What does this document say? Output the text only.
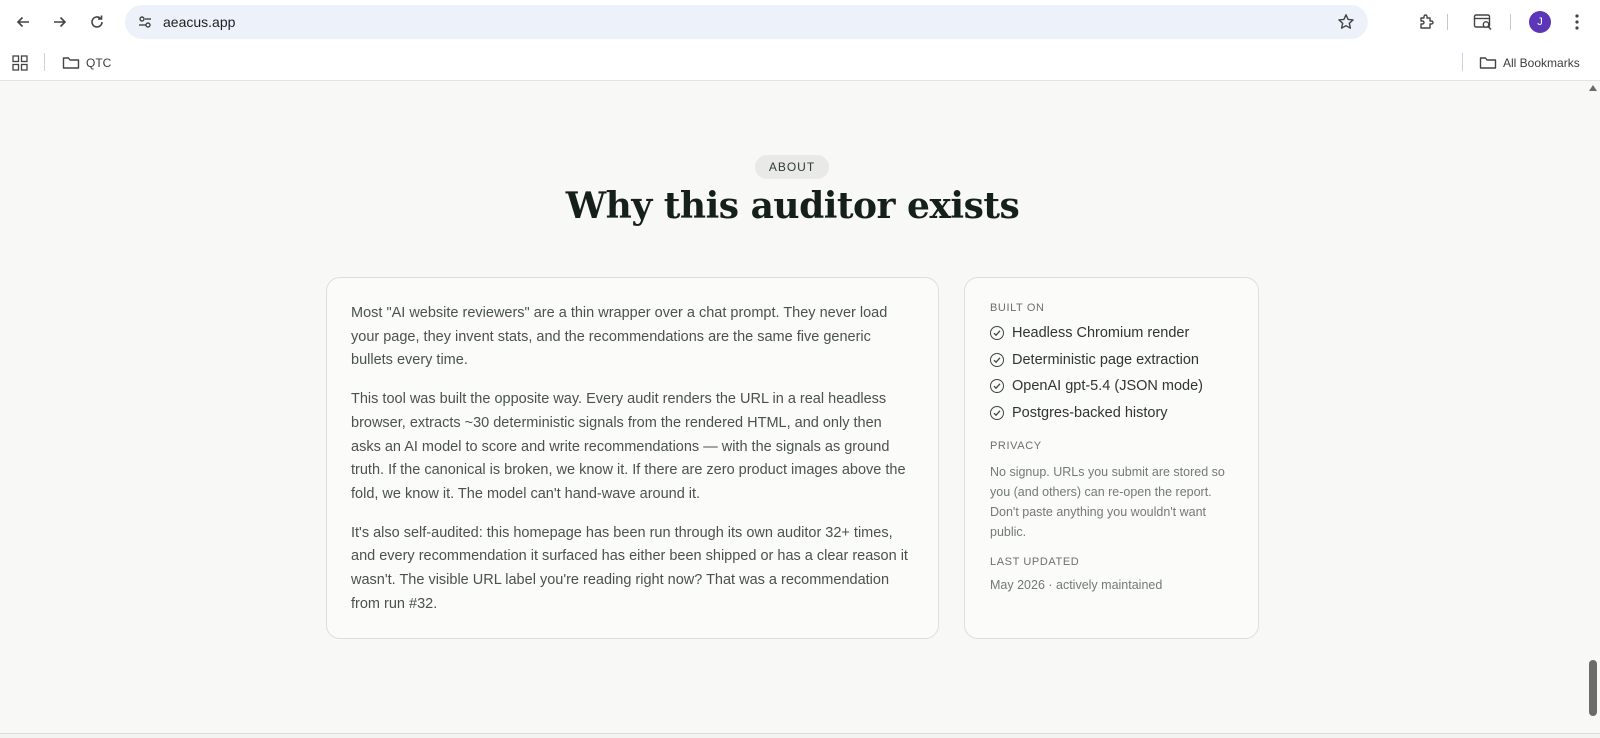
aeacus.app	J
QTC	All Bookmarks
ABOUT
Why this auditor exists

Most "AI website reviewers" are a thin wrapper over a chat prompt. They never load your page, they invent stats, and the recommendations are the same five generic bullets every time.

This tool was built the opposite way. Every audit renders the URL in a real headless browser, extracts ~30 deterministic signals from the rendered HTML, and only then asks an AI model to score and write recommendations — with the signals as ground truth. If the canonical is broken, we know it. If there are zero product images above the fold, we know it. The model can't hand-wave around it.

It's also self-audited: this homepage has been run through its own auditor 32+ times, and every recommendation it surfaced has either been shipped or has a clear reason it wasn't. The visible URL label you're reading right now? That was a recommendation from run #32.

BUILT ON
Headless Chromium render
Deterministic page extraction
OpenAI gpt-5.4 (JSON mode)
Postgres-backed history
PRIVACY
No signup. URLs you submit are stored so you (and others) can re-open the report. Don't paste anything you wouldn't want public.
LAST UPDATED
May 2026 · actively maintained
